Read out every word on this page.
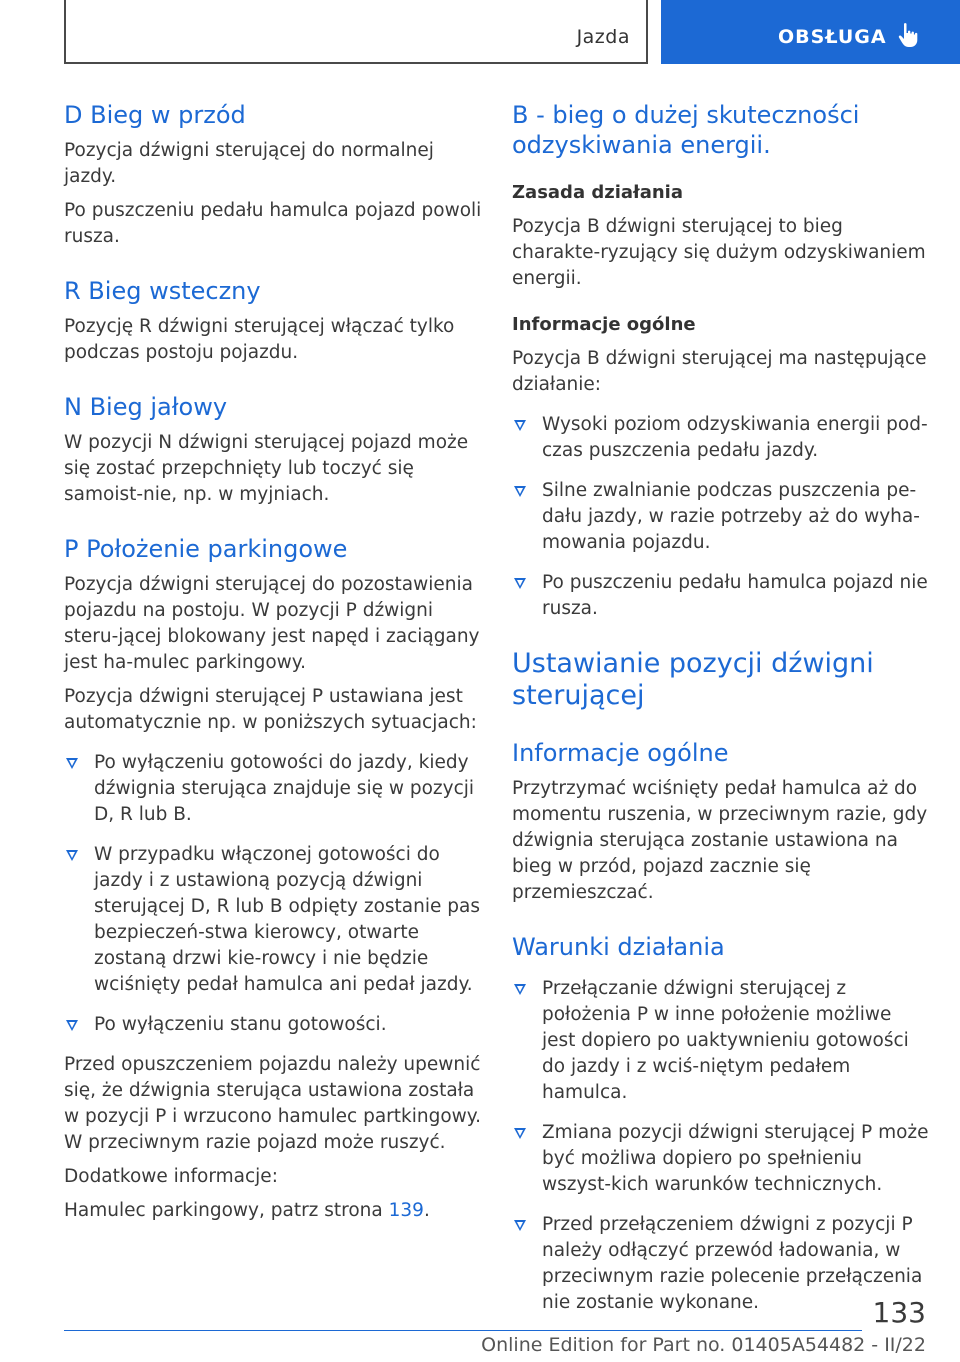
Jazda	OBSŁUGA
D Bieg w przód

Pozycja dźwigni sterującej do normalnej jazdy.

Po puszczeniu pedału hamulca pojazd powoli rusza.

R Bieg wsteczny

Pozycję R dźwigni sterującej włączać tylko podczas postoju pojazdu.

N Bieg jałowy

W pozycji N dźwigni sterującej pojazd może się zostać przepchnięty lub toczyć się samoist‐nie, np. w myjniach.

P Położenie parkingowe

Pozycja dźwigni sterującej do pozostawienia pojazdu na postoju. W pozycji P dźwigni steru‐jącej blokowany jest napęd i zaciągany jest ha‐mulec parkingowy.

Pozycja dźwigni sterującej P ustawiana jest automatycznie np. w poniższych sytuacjach:

Po wyłączeniu gotowości do jazdy, kiedy dźwignia sterująca znajduje się w pozycji D, R lub B.
W przypadku włączonej gotowości do jazdy i z ustawioną pozycją dźwigni sterującej D, R lub B odpięty zostanie pas bezpieczeń‐stwa kierowcy, otwarte zostaną drzwi kie‐rowcy i nie będzie wciśnięty pedał hamulca ani pedał jazdy.
Po wyłączeniu stanu gotowości.

Przed opuszczeniem pojazdu należy upewnić się, że dźwignia sterująca ustawiona została w pozycji P i wrzucono hamulec partkingowy. W przeciwnym razie pojazd może ruszyć.

Dodatkowe informacje:

Hamulec parkingowy, patrz strona 139.

B - bieg o dużej skuteczności odzyskiwania energii.
Zasada działania

Pozycja B dźwigni sterującej to bieg charakte‐ryzujący się dużym odzyskiwaniem energii.

Informacje ogólne

Pozycja B dźwigni sterującej ma następujące działanie:

Wysoki poziom odzyskiwania energii pod‐czas puszczenia pedału jazdy.
Silne zwalnianie podczas puszczenia pe‐dału jazdy, w razie potrzeby aż do wyha‐mowania pojazdu.
Po puszczeniu pedału hamulca pojazd nie rusza.
Ustawianie pozycji dźwigni sterującej
Informacje ogólne

Przytrzymać wciśnięty pedał hamulca aż do momentu ruszenia, w przeciwnym razie, gdy dźwignia sterująca zostanie ustawiona na bieg w przód, pojazd zacznie się przemieszczać.

Warunki działania
Przełączanie dźwigni sterującej z położenia P w inne położenie możliwe jest dopiero po uaktywnieniu gotowości do jazdy i z wciś‐niętym pedałem hamulca.
Zmiana pozycji dźwigni sterującej P może być możliwa dopiero po spełnieniu wszyst‐kich warunków technicznych.
Przed przełączeniem dźwigni z pozycji P należy odłączyć przewód ładowania, w przeciwnym razie polecenie przełączenia nie zostanie wykonane.	133
Online Edition for Part no. 01405A54482 - II/22
